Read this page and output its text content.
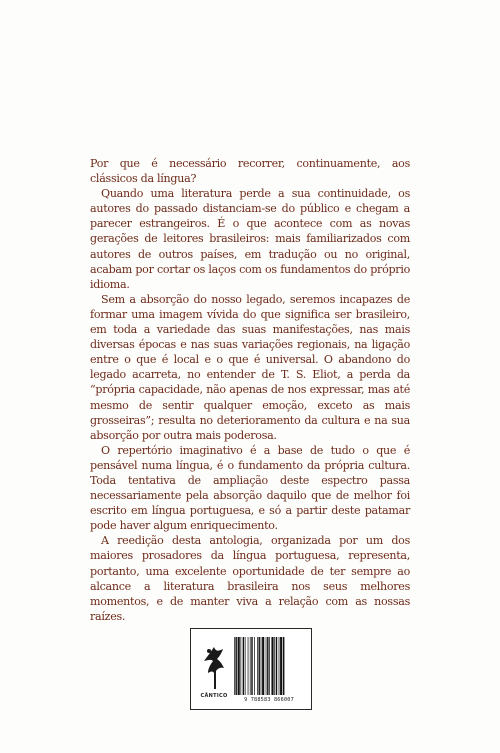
Por que é necessário recorrer, continuamente, aos clássicos da língua?

Quando uma literatura perde a sua continuidade, os autores do passado distanciam-se do público e chegam a parecer estrangeiros. É o que acontece com as novas gerações de leitores brasileiros: mais familiarizados com autores de outros países, em tradução ou no original, acabam por cortar os laços com os fundamentos do próprio idioma.

Sem a absorção do nosso legado, seremos incapazes de formar uma imagem vívida do que significa ser brasileiro, em toda a variedade das suas manifestações, nas mais diversas épocas e nas suas variações regionais, na ligação entre o que é local e o que é universal. O abandono do legado acarreta, no entender de T. S. Eliot, a perda da “própria capacidade, não apenas de nos expressar, mas até mesmo de sentir qualquer emoção, exceto as mais grosseiras”; resulta no deterioramento da cultura e na sua absorção por outra mais poderosa.

O repertório imaginativo é a base de tudo o que é pensável numa língua, é o fundamento da própria cultura. Toda tentativa de ampliação deste espectro passa necessariamente pela absorção daquilo que de melhor foi escrito em língua portuguesa, e só a partir deste patamar pode haver algum enriquecimento.

A reedição desta antologia, organizada por um dos maiores prosadores da língua portuguesa, representa, portanto, uma excelente oportunidade de ter sempre ao alcance a literatura brasileira nos seus melhores momentos, e de manter viva a relação com as nossas raízes.

CÂNTICO
9 788583 866007
